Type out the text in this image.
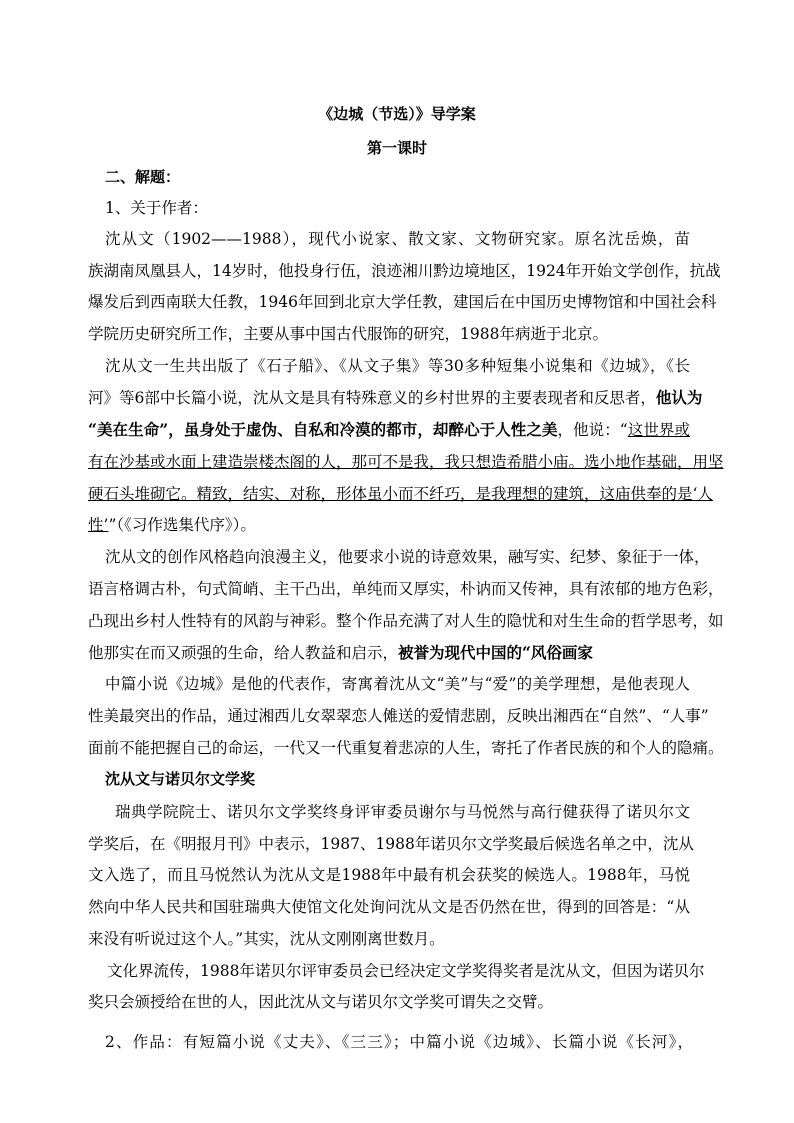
《边城（节选）》导学案
第一课时
二、解题：
1、关于作者：
沈从文（1902——1988），现代小说家、散文家、文物研究家。原名沈岳焕，苗
族湖南凤凰县人，14岁时，他投身行伍，浪迹湘川黔边境地区，1924年开始文学创作，抗战
爆发后到西南联大任教，1946年回到北京大学任教，建国后在中国历史博物馆和中国社会科
学院历史研究所工作，主要从事中国古代服饰的研究，1988年病逝于北京。
沈从文一生共出版了《石子船》、《从文子集》等30多种短集小说集和《边城》，《长
河》等6部中长篇小说，沈从文是具有特殊意义的乡村世界的主要表现者和反思者，他认为
“美在生命”，虽身处于虚伪、自私和冷漠的都市，却醉心于人性之美，他说：“这世界或
有在沙基或水面上建造崇楼杰阁的人，那可不是我，我只想造希腊小庙。选小地作基础，用坚
硬石头堆砌它。精致，结实、对称，形体虽小而不纤巧，是我理想的建筑，这庙供奉的是‘人
性’”（《习作选集代序》）。
沈从文的创作风格趋向浪漫主义，他要求小说的诗意效果，融写实、纪梦、象征于一体，
语言格调古朴，句式简峭、主干凸出，单纯而又厚实，朴讷而又传神，具有浓郁的地方色彩，
凸现出乡村人性特有的风韵与神彩。整个作品充满了对人生的隐忧和对生生命的哲学思考，如
他那实在而又顽强的生命，给人教益和启示，被誉为现代中国的“风俗画家
中篇小说《边城》是他的代表作，寄寓着沈从文“美”与“爱”的美学理想，是他表现人
性美最突出的作品，通过湘西儿女翠翠恋人傩送的爱情悲剧，反映出湘西在“自然”、“人事”
面前不能把握自己的命运，一代又一代重复着悲凉的人生，寄托了作者民族的和个人的隐痛。
沈从文与诺贝尔文学奖
瑞典学院院士、诺贝尔文学奖终身评审委员谢尔与马悦然与高行健获得了诺贝尔文
学奖后，在《明报月刊》中表示，1987、1988年诺贝尔文学奖最后候选名单之中，沈从
文入选了，而且马悦然认为沈从文是1988年中最有机会获奖的候选人。1988年，马悦
然向中华人民共和国驻瑞典大使馆文化处询问沈从文是否仍然在世，得到的回答是：“从
来没有听说过这个人。”其实，沈从文刚刚离世数月。
文化界流传，1988年诺贝尔评审委员会已经决定文学奖得奖者是沈从文，但因为诺贝尔
奖只会颁授给在世的人，因此沈从文与诺贝尔文学奖可谓失之交臂。
2、作品：有短篇小说《丈夫》、《三三》；中篇小说《边城》、长篇小说《长河》，
